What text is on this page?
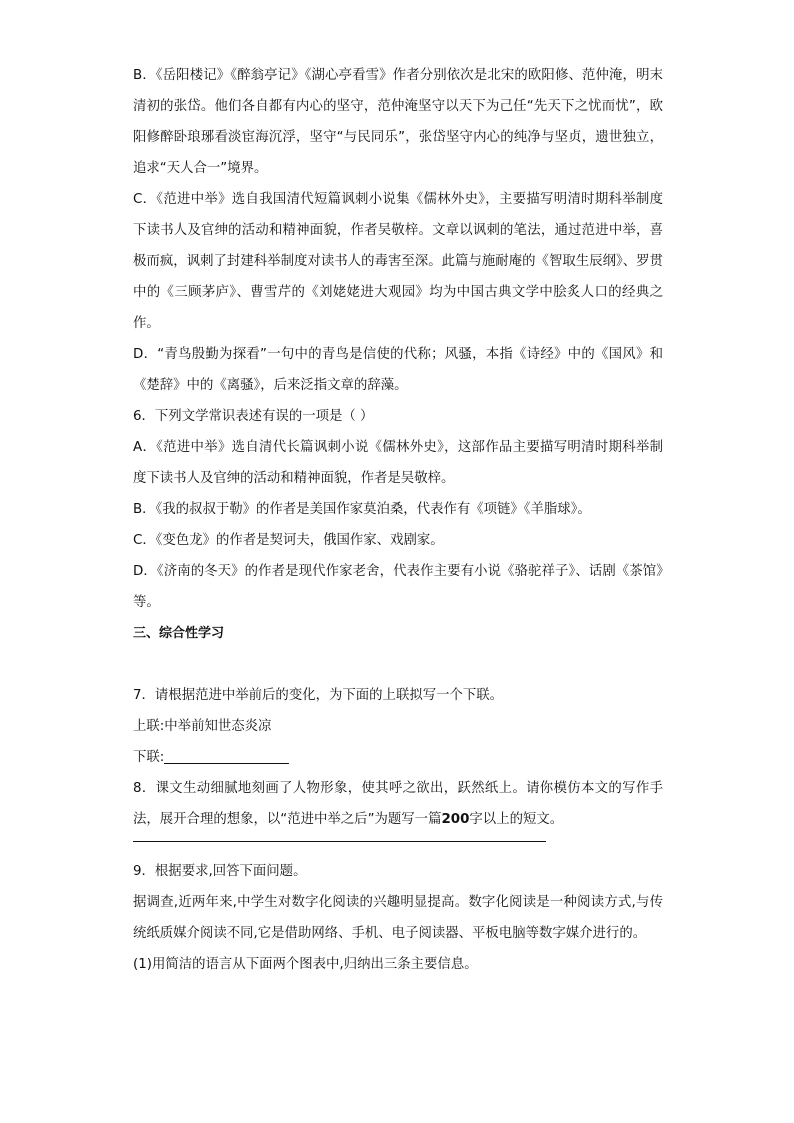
B．《岳阳楼记》《醉翁亭记》《湖心亭看雪》作者分别依次是北宋的欧阳修、范仲淹，明末清初的张岱。他们各自都有内心的坚守，范仲淹坚守以天下为己任“先天下之忧而忧”，欧阳修醉卧琅琊看淡宦海沉浮，坚守“与民同乐”，张岱坚守内心的纯净与坚贞，遗世独立，追求“天人合一”境界。

C．《范进中举》选自我国清代短篇讽刺小说集《儒林外史》，主要描写明清时期科举制度下读书人及官绅的活动和精神面貌，作者吴敬梓。文章以讽刺的笔法，通过范进中举，喜极而疯，讽刺了封建科举制度对读书人的毒害至深。此篇与施耐庵的《智取生辰纲》、罗贯中的《三顾茅庐》、曹雪芹的《刘姥姥进大观园》均为中国古典文学中脍炙人口的经典之作。

D．“青鸟殷勤为探看”一句中的青鸟是信使的代称；风骚，本指《诗经》中的《国风》和《楚辞》中的《离骚》，后来泛指文章的辞藻。

6．下列文学常识表述有误的一项是（ ）

A．《范进中举》选自清代长篇讽刺小说《儒林外史》，这部作品主要描写明清时期科举制度下读书人及官绅的活动和精神面貌，作者是吴敬梓。

B．《我的叔叔于勒》的作者是美国作家莫泊桑，代表作有《项链》《羊脂球》。

C．《变色龙》的作者是契诃夫，俄国作家、戏剧家。

D．《济南的冬天》的作者是现代作家老舍，代表作主要有小说《骆驼祥子》、话剧《茶馆》等。

三、综合性学习

7．请根据范进中举前后的变化，为下面的上联拟写一个下联。

上联:中举前知世态炎凉

下联:

8．课文生动细腻地刻画了人物形象，使其呼之欲出，跃然纸上。请你模仿本文的写作手法，展开合理的想象，以“范进中举之后”为题写一篇200字以上的短文。

9．根据要求,回答下面问题。

据调查,近两年来,中学生对数字化阅读的兴趣明显提高。数字化阅读是一种阅读方式,与传统纸质媒介阅读不同,它是借助网络、手机、电子阅读器、平板电脑等数字媒介进行的。

(1)用简洁的语言从下面两个图表中,归纳出三条主要信息。
